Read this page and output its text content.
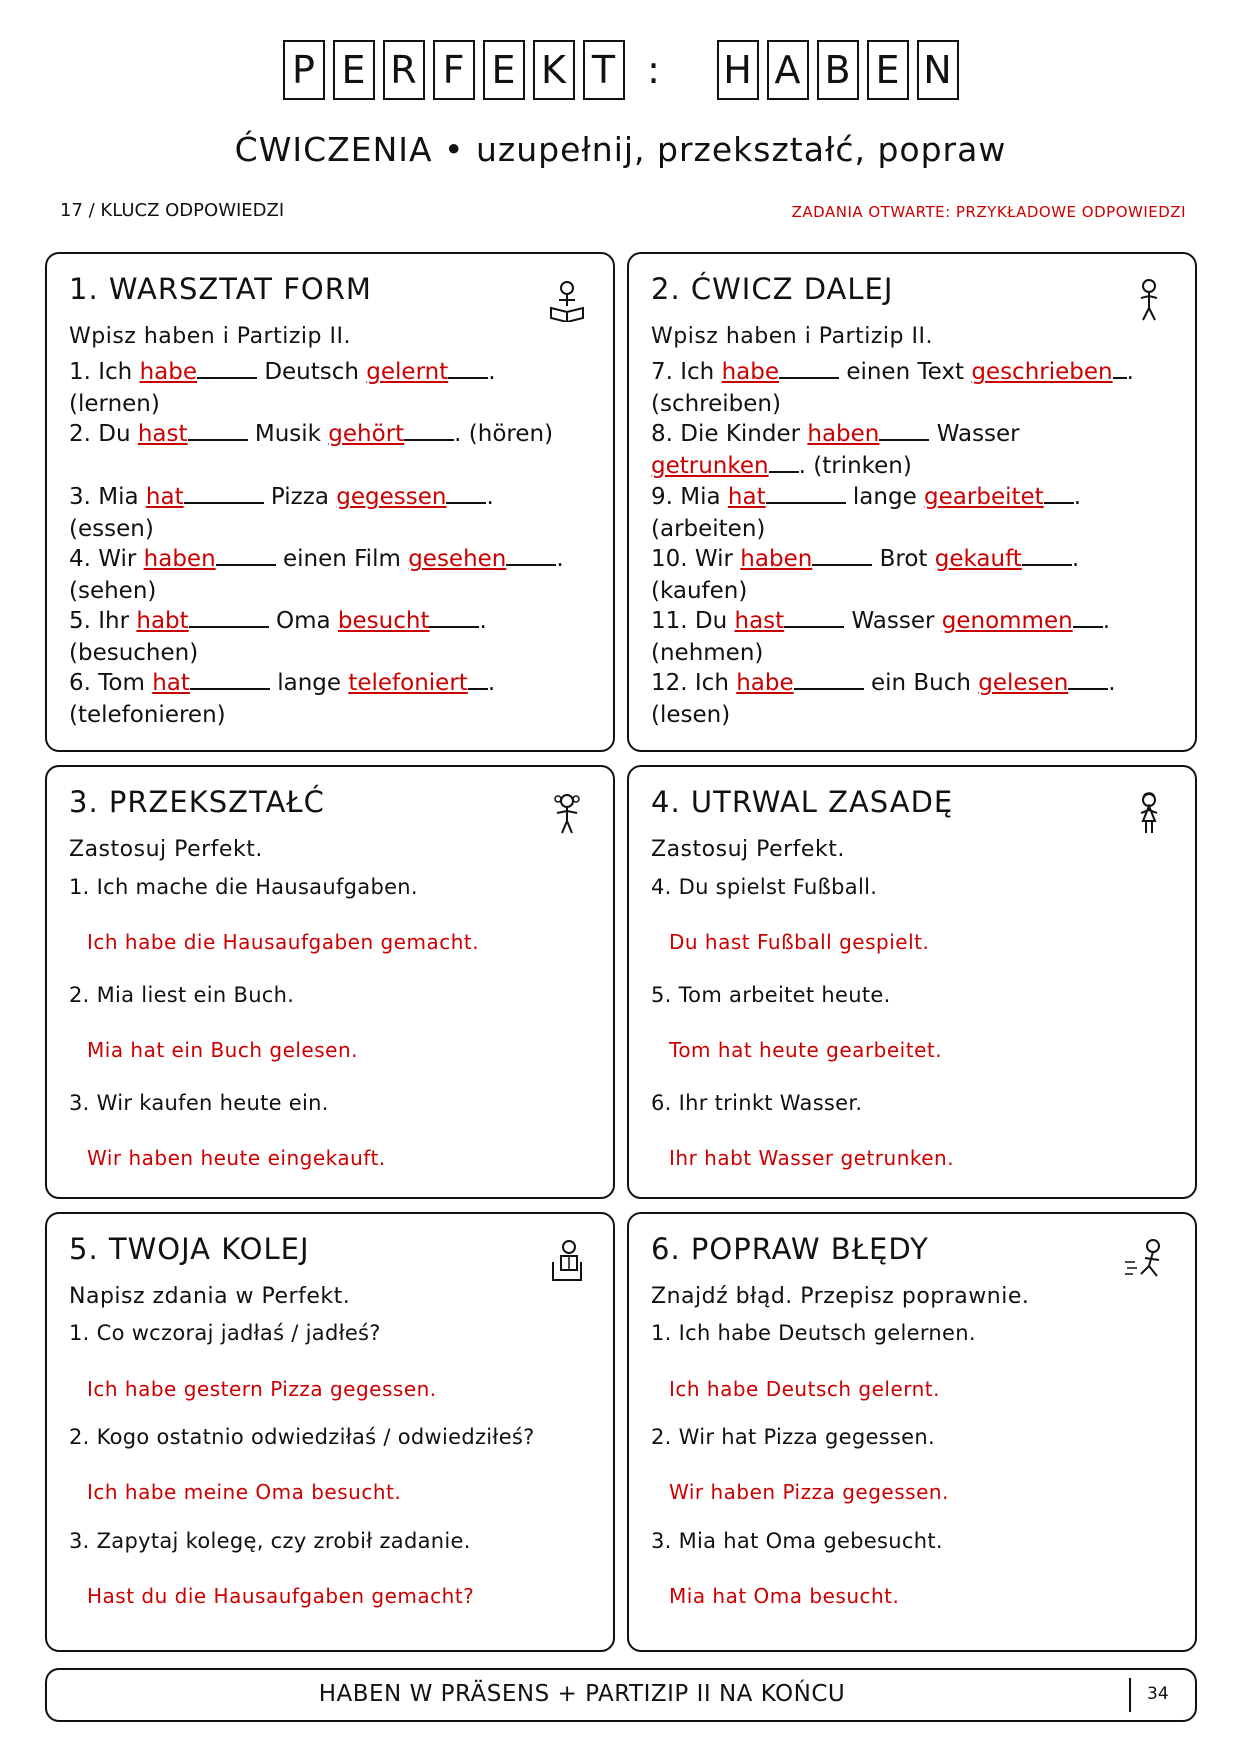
P E R F E K T :	H A B E N
ĆWICZENIA • uzupełnij, przekształć, popraw
17 / KLUCZ ODPOWIEDZI	ZADANIA OTWARTE: PRZYKŁADOWE ODPOWIEDZI
1. WARSZTAT FORM
Wpisz haben i Partizip II.
1. Ich habe	Deutsch gelernt .
(lernen)
2. Du hast	Musik gehört . (hören)
3. Mia hat	Pizza gegessen .
(essen)
4. Wir haben	einen Film gesehen .
(sehen)
5. Ihr habt	Oma besucht .
(besuchen)
6. Tom hat	lange telefoniert .
(telefonieren)
2. ĆWICZ DALEJ
Wpisz haben i Partizip II.
7. Ich habe	einen Text geschrieben .
(schreiben)
8. Die Kinder haben Wasser
getrunken . (trinken)
9. Mia hat	lange gearbeitet .
(arbeiten)
10. Wir haben	Brot gekauft .
(kaufen)
11. Du hast	Wasser genommen .
(nehmen)
12. Ich habe	ein Buch gelesen .
(lesen)
3. PRZEKSZTAŁĆ
Zastosuj Perfekt.
1. Ich mache die Hausaufgaben.
Ich habe die Hausaufgaben gemacht.
2. Mia liest ein Buch.
Mia hat ein Buch gelesen.
3. Wir kaufen heute ein.
Wir haben heute eingekauft.
4. UTRWAL ZASADĘ
Zastosuj Perfekt.
4. Du spielst Fußball.
Du hast Fußball gespielt.
5. Tom arbeitet heute.
Tom hat heute gearbeitet.
6. Ihr trinkt Wasser.
Ihr habt Wasser getrunken.
5. TWOJA KOLEJ
Napisz zdania w Perfekt.
1. Co wczoraj jadłaś / jadłeś?
Ich habe gestern Pizza gegessen.
2. Kogo ostatnio odwiedziłaś / odwiedziłeś?
Ich habe meine Oma besucht.
3. Zapytaj kolegę, czy zrobił zadanie.
Hast du die Hausaufgaben gemacht?
6. POPRAW BŁĘDY
Znajdź błąd. Przepisz poprawnie.
1. Ich habe Deutsch gelernen.
Ich habe Deutsch gelernt.
2. Wir hat Pizza gegessen.
Wir haben Pizza gegessen.
3. Mia hat Oma gebesucht.
Mia hat Oma besucht.
HABEN W PRÄSENS + PARTIZIP II NA KOŃCU	34
